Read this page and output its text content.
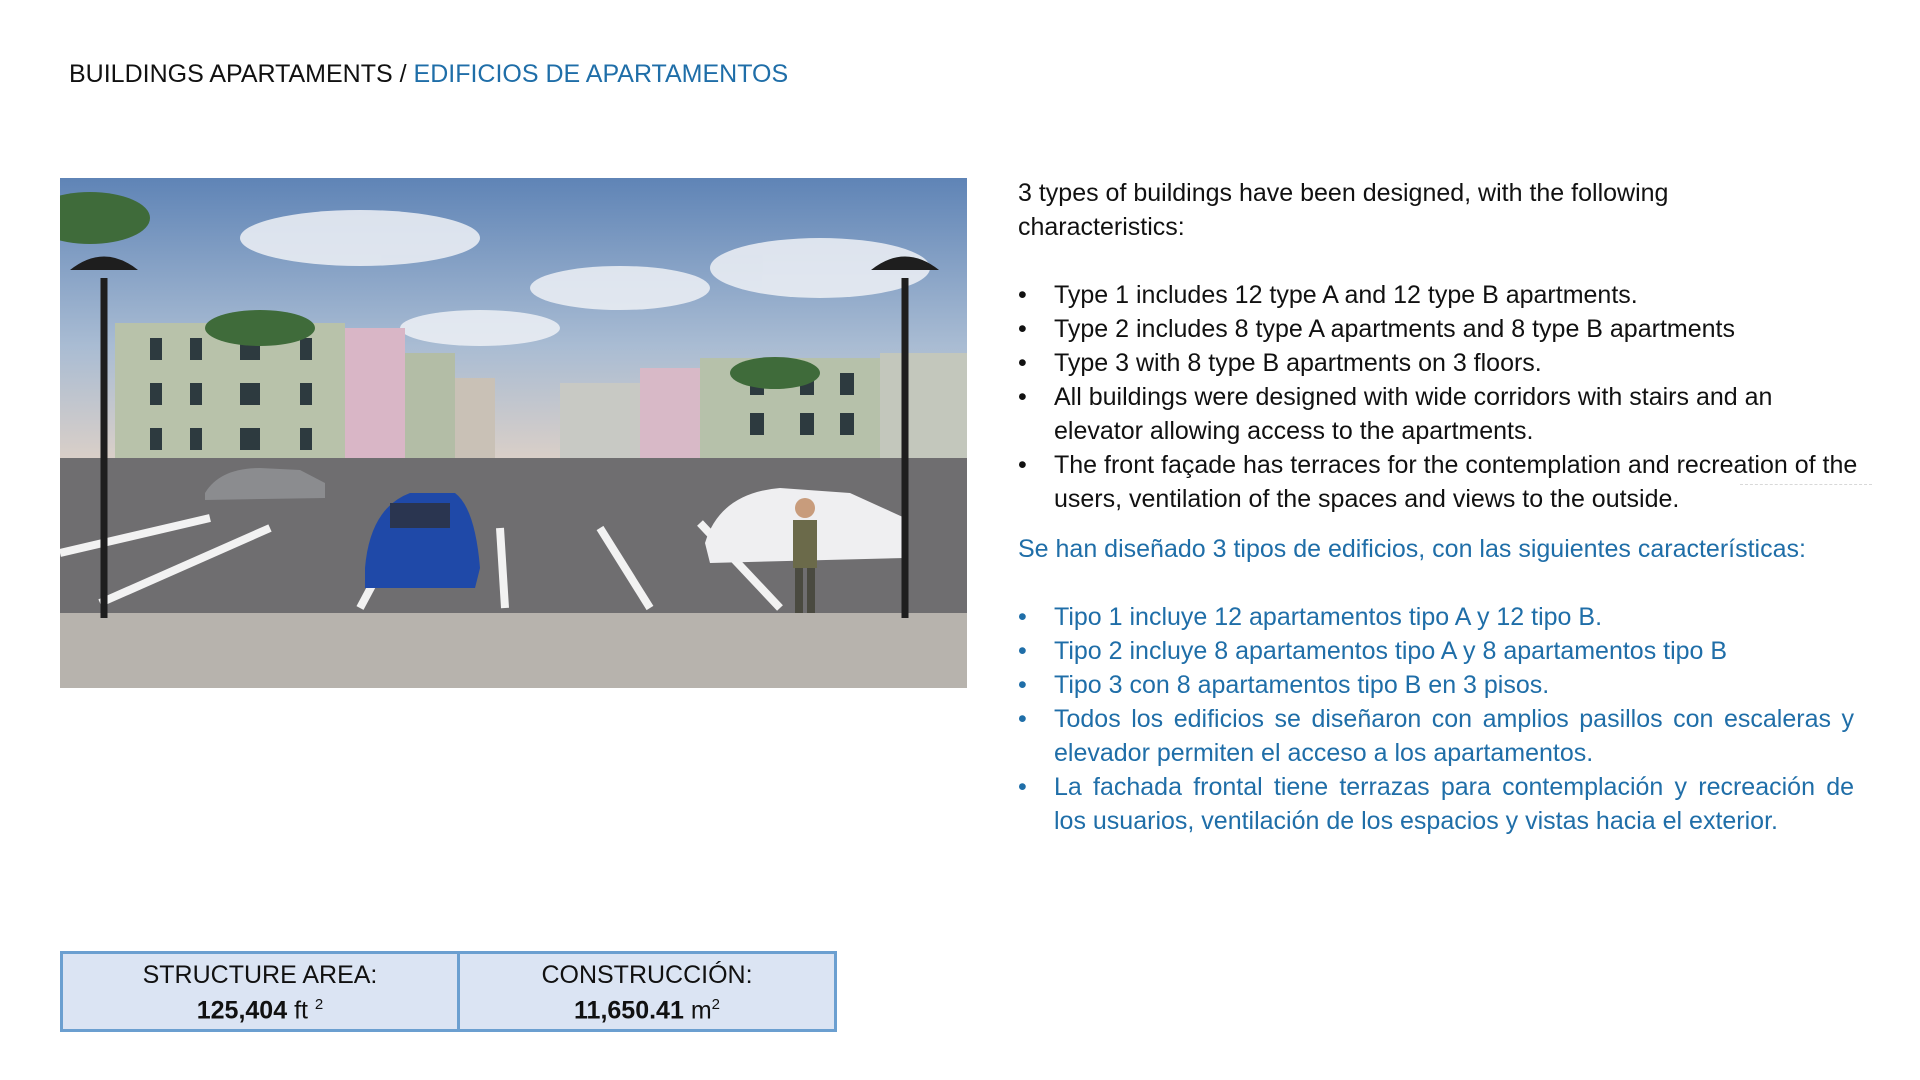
BUILDINGS APARTAMENTS / EDIFICIOS DE APARTAMENTOS

3 types of buildings have been designed, with the following characteristics:

• Type 1 includes 12 type A and 12 type B apartments.
• Type 2 includes 8 type A apartments and 8 type B apartments
• Type 3 with 8 type B apartments on 3 floors.
• All buildings were designed with wide corridors with stairs and an elevator allowing access to the apartments.
• The front façade has terraces for the contemplation and recreation of the users, ventilation of the spaces and views to the outside.

Se han diseñado 3 tipos de edificios, con las siguientes características:

• Tipo 1 incluye 12 apartamentos tipo A y 12 tipo B.
• Tipo 2 incluye 8 apartamentos tipo A y 8 apartamentos tipo B
• Tipo 3 con 8 apartamentos tipo B en 3 pisos.
• Todos los edificios se diseñaron con amplios pasillos con escaleras y elevador permiten el acceso a los apartamentos.
• La fachada frontal tiene terrazas para contemplación y recreación de los usuarios, ventilación de los espacios y vistas hacia el exterior.
STRUCTURE AREA:
125,404 ft $^2$

CONSTRUCCIÓN:
11,650.41 $m^2$
